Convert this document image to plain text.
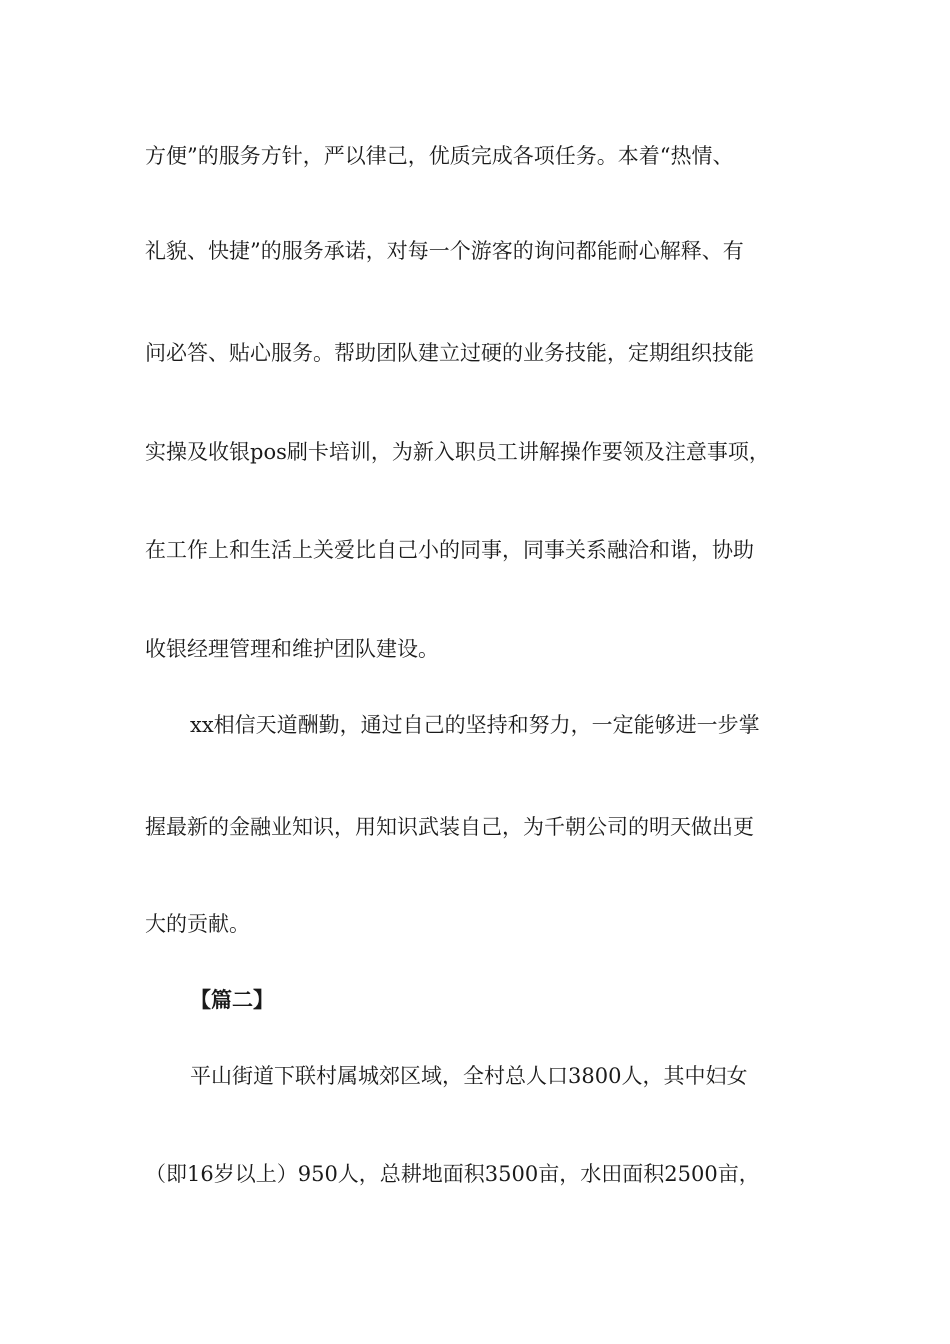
方便”的服务方针，严以律己，优质完成各项任务。本着“热情、
礼貌、快捷”的服务承诺，对每一个游客的询问都能耐心解释、有
问必答、贴心服务。帮助团队建立过硬的业务技能，定期组织技能
实操及收银pos刷卡培训，为新入职员工讲解操作要领及注意事项，
在工作上和生活上关爱比自己小的同事，同事关系融洽和谐，协助
收银经理管理和维护团队建设。
xx相信天道酬勤，通过自己的坚持和努力，一定能够进一步掌
握最新的金融业知识，用知识武装自己，为千朝公司的明天做出更
大的贡献。
【篇二】
平山街道下联村属城郊区域，全村总人口3800人，其中妇女
（即16岁以上）950人，总耕地面积3500亩，水田面积2500亩，
